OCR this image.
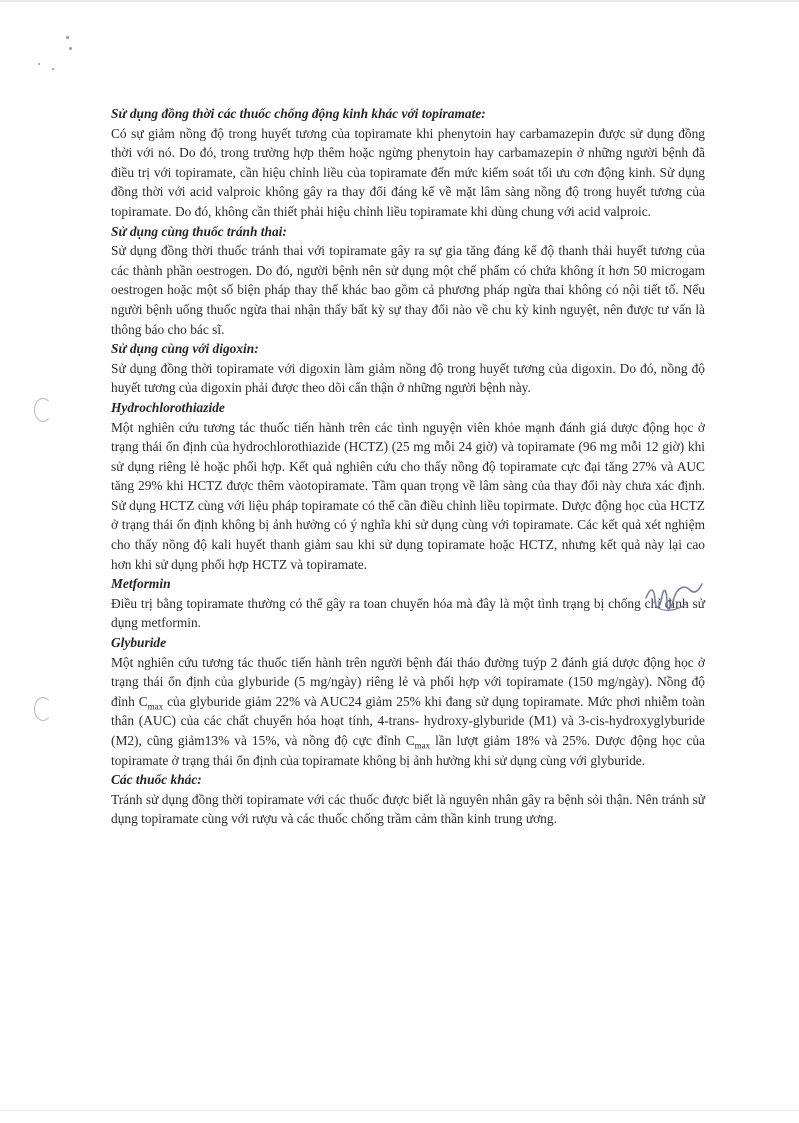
Sử dụng đồng thời các thuốc chống động kinh khác với topiramate:

Có sự giảm nồng độ trong huyết tương của topiramate khi phenytoin hay carbamazepin được sử dụng đồng thời với nó. Do đó, trong trường hợp thêm hoặc ngừng phenytoin hay carbamazepin ở những người bệnh đã điều trị với topiramate, cần hiệu chỉnh liều của topiramate đến mức kiểm soát tối ưu cơn động kinh. Sử dụng đồng thời với acid valproic không gây ra thay đổi đáng kể về mặt lâm sàng nồng độ trong huyết tương của topiramate. Do đó, không cần thiết phải hiệu chỉnh liều topiramate khi dùng chung với acid valproic.

Sử dụng cùng thuốc tránh thai:

Sử dụng đồng thời thuốc tránh thai với topiramate gây ra sự gia tăng đáng kể độ thanh thải huyết tương của các thành phần oestrogen. Do đó, người bệnh nên sử dụng một chế phẩm có chứa không ít hơn 50 microgam oestrogen hoặc một số biện pháp thay thế khác bao gồm cả phương pháp ngừa thai không có nội tiết tố. Nếu người bệnh uống thuốc ngừa thai nhận thấy bất kỳ sự thay đổi nào về chu kỳ kinh nguyệt, nên được tư vấn là thông báo cho bác sĩ.

Sử dụng cùng với digoxin:

Sử dụng đồng thời topiramate với digoxin làm giảm nồng độ trong huyết tương của digoxin. Do đó, nồng độ huyết tương của digoxin phải được theo dõi cẩn thận ở những người bệnh này.

Hydrochlorothiazide

Một nghiên cứu tương tác thuốc tiến hành trên các tình nguyện viên khỏe mạnh đánh giá dược động học ở trạng thái ổn định của hydrochlorothiazide (HCTZ) (25 mg mỗi 24 giờ) và topiramate (96 mg mỗi 12 giờ) khi sử dụng riêng lẻ hoặc phối hợp. Kết quả nghiên cứu cho thấy nồng độ topiramate cực đại tăng 27% và AUC tăng 29% khi HCTZ được thêm vàotopiramate. Tầm quan trọng về lâm sàng của thay đổi này chưa xác định. Sử dụng HCTZ cùng với liệu pháp topiramate có thể cần điều chỉnh liều topirmate. Dược động học của HCTZ ở trạng thái ổn định không bị ảnh hưởng có ý nghĩa khi sử dụng cùng với topiramate. Các kết quả xét nghiệm cho thấy nồng độ kali huyết thanh giảm sau khi sử dụng topiramate hoặc HCTZ, nhưng kết quả này lại cao hơn khi sử dụng phối hợp HCTZ và topiramate.

Metformin

Điều trị bằng topiramate thường có thể gây ra toan chuyển hóa mà đây là một tình trạng bị chống chỉ định sử dụng metformin.

Glyburide

Một nghiên cứu tương tác thuốc tiến hành trên người bệnh đái tháo đường tuýp 2 đánh giá dược động học ở trạng thái ổn định của glyburide (5 mg/ngày) riêng lẻ và phối hợp với topiramate (150 mg/ngày). Nồng độ đỉnh $C_{max}$ của glyburide giảm 22% và AUC24 giảm 25% khi đang sử dụng topiramate. Mức phơi nhiễm toàn thân (AUC) của các chất chuyển hóa hoạt tính, 4-trans- hydroxy-glyburide (M1) và 3-cis-hydroxyglyburide (M2), cũng giảm13% và 15%, và nồng độ cực đỉnh $C_{max}$ lần lượt giảm 18% và 25%. Dược động học của topiramate ở trạng thái ổn định của topiramate không bị ảnh hưởng khi sử dụng cùng với glyburide.

Các thuốc khác:

Tránh sử dụng đồng thời topiramate với các thuốc được biết là nguyên nhân gây ra bệnh sỏi thận. Nên tránh sử dụng topiramate cùng với rượu và các thuốc chống trầm cảm thần kinh trung ương.
